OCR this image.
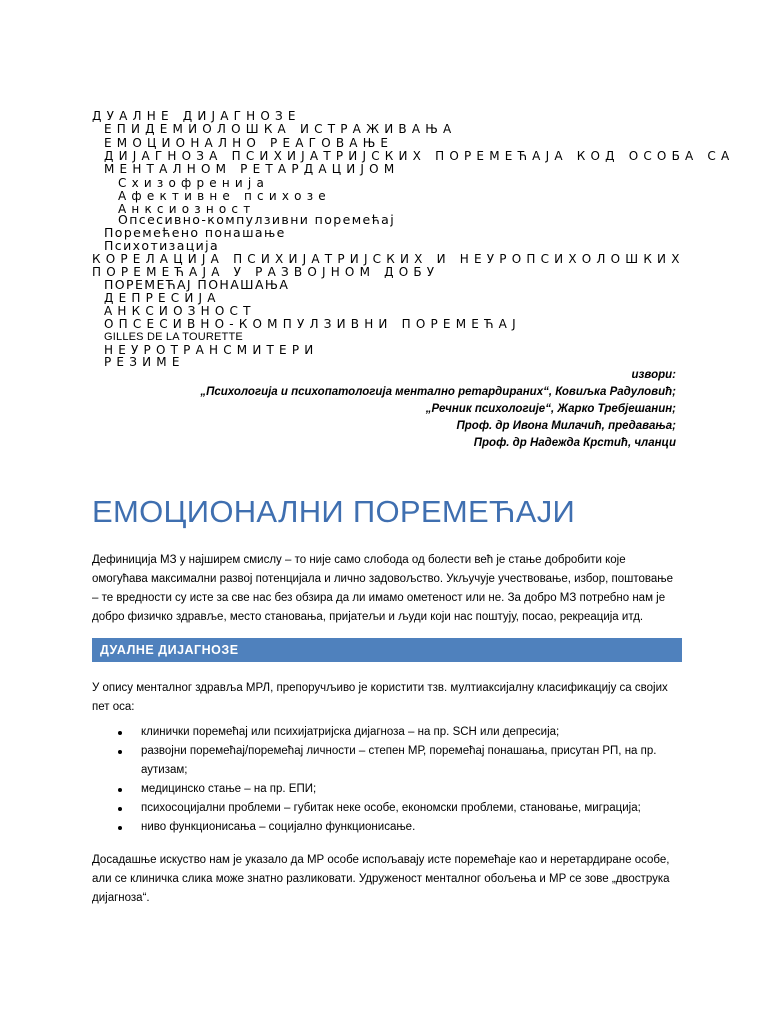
ДУАЛНЕ ДИЈАГНОЗЕ
ЕПИДЕМИОЛОШКА ИСТРАЖИВАЊА
ЕМОЦИОНАЛНО РЕАГОВАЊЕ
ДИЈАГНОЗА ПСИХИЈАТРИЈСКИХ ПОРЕМЕЋАЈА КОД ОСОБА СА
МЕНТАЛНОМ РЕТАРДАЦИЈОМ
Схизофренија
Афективне психозе
Анксиозност
Опсесивно-компулзивни поремећај
Поремећено понашање
Психотизација
КОРЕЛАЦИЈА ПСИХИЈАТРИЈСКИХ И НЕУРОПСИХОЛОШКИХ
ПОРЕМЕЋАЈА У РАЗВОЈНОМ ДОБУ
ПОРЕМЕЋАЈ ПОНАШАЊА
ДЕПРЕСИЈА
АНКСИОЗНОСТ
ОПСЕСИВНО-КОМПУЛЗИВНИ ПОРЕМЕЋАЈ
GILLES DE LA TOURETTE
НЕУРОТРАНСМИТЕРИ
РЕЗИМЕ
извори:
„Психологија и психопатологија ментално ретардираних“, Ковиљка Радуловић;
„Речник психологије“, Жарко Требјешанин;
Проф. др Ивона Милачић, предавања;
Проф. др Надежда Крстић, чланци
ЕМОЦИОНАЛНИ ПОРЕМЕЋАЈИ
Дефиниција МЗ у најширем смислу – то није само слобода од болести већ је стање добробити које омогућава максимални развој потенцијала и лично задовољство. Укључује учествовање, избор, поштовање – те вредности су исте за све нас без обзира да ли имамо ометеност или не. За добро МЗ потребно нам је добро физичко здравље, место становања, пријатељи и људи који нас поштују, посао, рекреација итд.
ДУАЛНЕ ДИЈАГНОЗЕ
У опису менталног здравља МРЛ, препоручљиво је користити тзв. мултиаксијалну класификацију са својих пет оса:
клинички поремећај или психијатријска дијагноза – на пр. SCH или депресија;
развојни поремећај/поремећај личности – степен МР, поремећај понашања, присутан РП, на пр. аутизам;
медицинско стање – на пр. ЕПИ;
психосоцијални проблеми – губитак неке особе, економски проблеми, становање, миграција;
ниво функционисања – социјално функционисање.
Досадашње искуство нам је указало да МР особе испољавају исте поремећаје као и неретардиране особе, али се клиничка слика може знатно разликовати. Удруженост менталног обољења и МР се зове „двострука дијагноза“.
